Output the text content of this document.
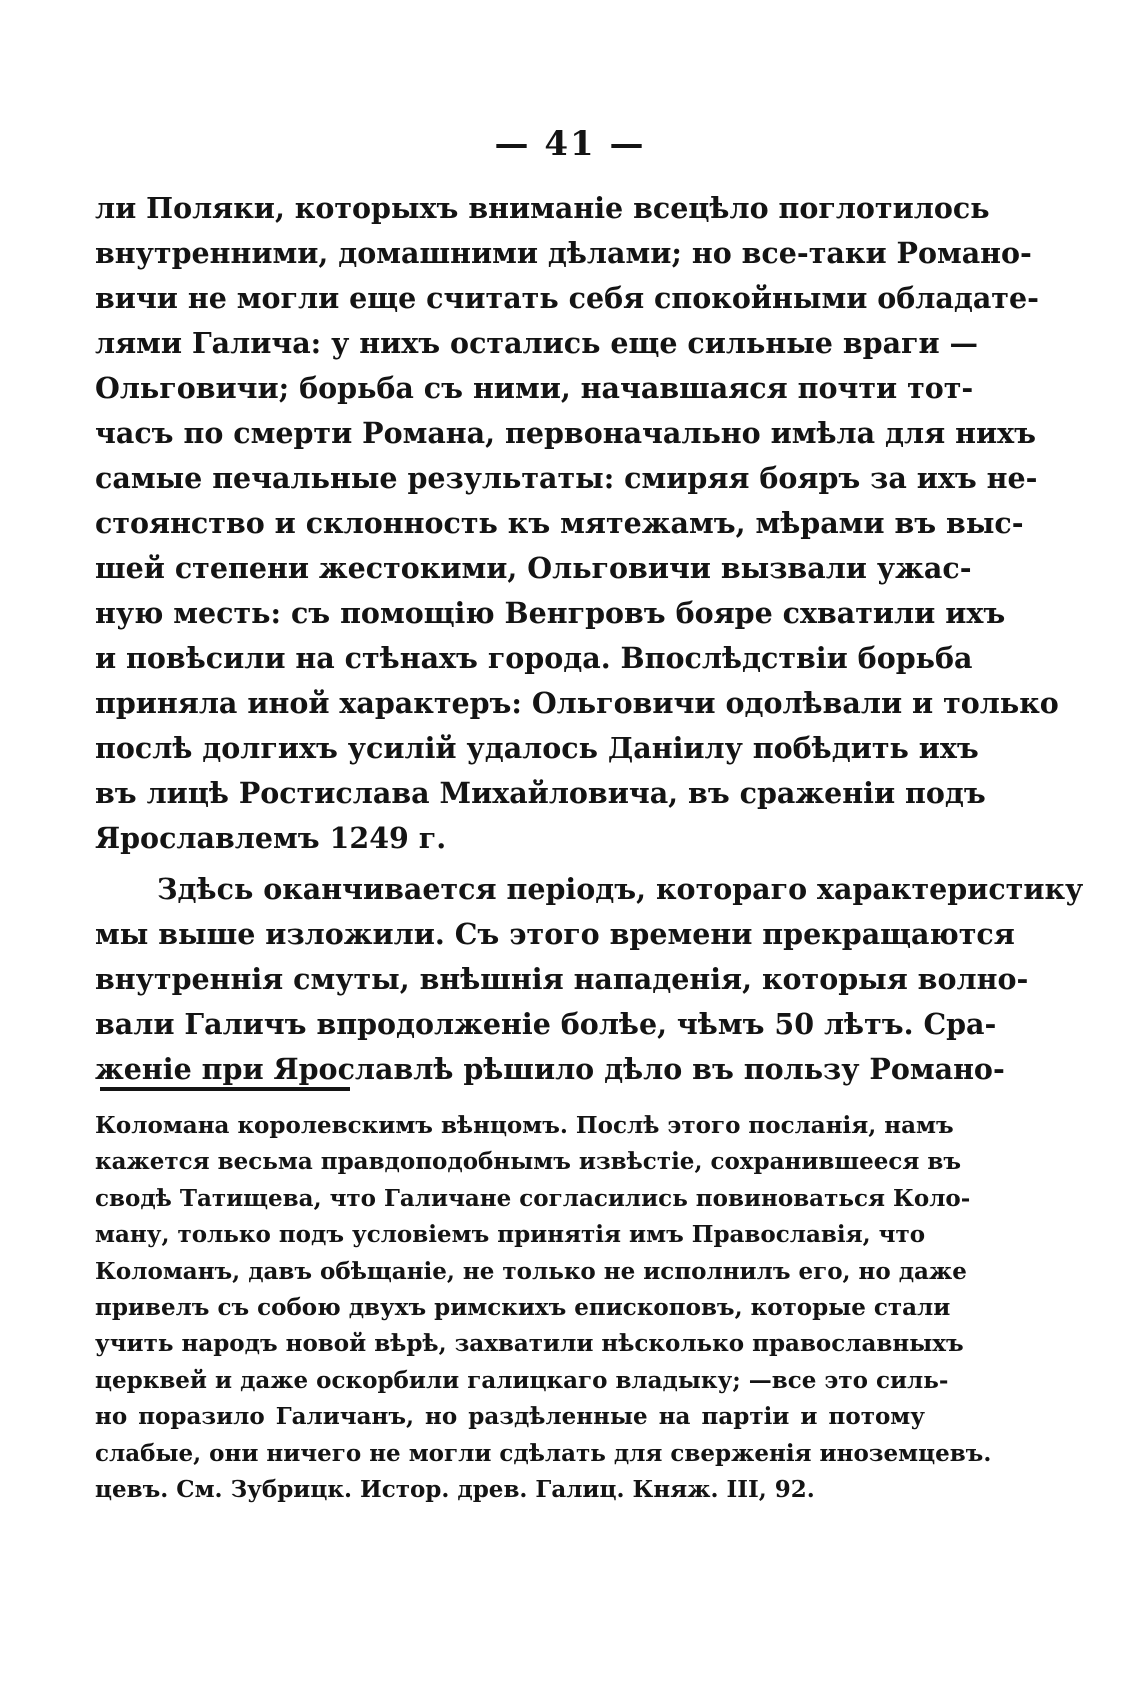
— 41 —
ли Поляки, которыхъ вниманіе всецѣло поглотилось
внутренними, домашними дѣлами; но все-таки Романо-
вичи не могли еще считать себя спокойными обладате-
лями Галича: у нихъ остались еще сильные враги —
Ольговичи; борьба съ ними, начавшаяся почти тот-
часъ по смерти Романа, первоначально имѣла для нихъ
самые печальные результаты: смиряя бояръ за ихъ не-
стоянство и склонность къ мятежамъ, мѣрами въ выс-
шей степени жестокими, Ольговичи вызвали ужас-
ную месть: съ помощію Венгровъ бояре схватили ихъ
и повѣсили на стѣнахъ города. Впослѣдствіи борьба
приняла иной характеръ: Ольговичи одолѣвали и только
послѣ долгихъ усилій удалось Даніилу побѣдить ихъ
въ лицѣ Ростислава Михайловича, въ сраженіи подъ
Ярославлемъ 1249 г.
Здѣсь оканчивается періодъ, котораго характеристику
мы выше изложили. Съ этого времени прекращаются
внутреннія смуты, внѣшнія нападенія, которыя волно-
вали Галичъ впродолженіе болѣе, чѣмъ 50 лѣтъ. Сра-
женіе при Ярославлѣ рѣшило дѣло въ пользу Романо-
Коломана королевскимъ вѣнцомъ. Послѣ этого посланія, намъ
кажется весьма правдоподобнымъ извѣстіе, сохранившееся въ
сводѣ Татищева, что Галичане согласились повиноваться Коло-
ману, только подъ условіемъ принятія имъ Православія, что
Коломанъ, давъ обѣщаніе, не только не исполнилъ его, но даже
привелъ съ собою двухъ римскихъ епископовъ, которые стали
учить народъ новой вѣрѣ, захватили нѣсколько православныхъ
церквей и даже оскорбили галицкаго владыку; —все это силь-
но поразило Галичанъ, но раздѣленные на партіи и потому
слабые, они ничего не могли сдѣлать для сверженія иноземцевъ.
цевъ. См. Зубрицк. Истор. древ. Галиц. Княж. III, 92.
